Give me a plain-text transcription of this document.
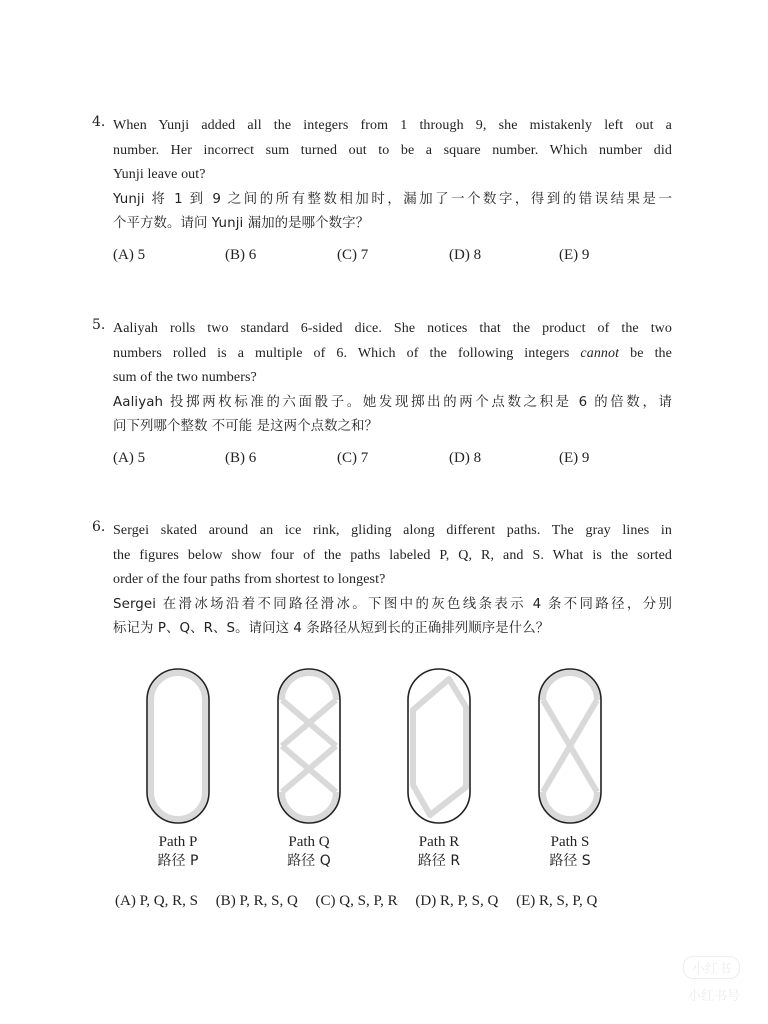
4. When Yunji added all the integers from 1 through 9, she mistakenly left out a
number. Her incorrect sum turned out to be a square number. Which number did
Yunji leave out?
Yunji 将 1 到 9 之间的所有整数相加时，漏加了一个数字，得到的错误结果是一
个平方数。请问 Yunji 漏加的是哪个数字？
(A) 5	(B) 6	(C) 7	(D) 8	(E) 9
5. Aaliyah rolls two standard 6-sided dice. She notices that the product of the two
numbers rolled is a multiple of 6. Which of the following integers cannot be the
sum of the two numbers?
Aaliyah 投掷两枚标准的六面骰子。她发现掷出的两个点数之积是 6 的倍数，请
问下列哪个整数 不可能 是这两个点数之和？
(A) 5	(B) 6	(C) 7	(D) 8	(E) 9
6. Sergei skated around an ice rink, gliding along different paths. The gray lines in
the figures below show four of the paths labeled P, Q, R, and S. What is the sorted
order of the four paths from shortest to longest?
Sergei 在滑冰场沿着不同路径滑冰。下图中的灰色线条表示 4 条不同路径，分别
标记为 P、Q、R、S。请问这 4 条路径从短到长的正确排列顺序是什么？
Path P
路径 P
Path Q
路径 Q
Path R
路径 R
Path S
路径 S
(A) P, Q, R, S (B) P, R, S, Q (C) Q, S, P, R (D) R, P, S, Q (E) R, S, P, Q
小红书
小红书号
